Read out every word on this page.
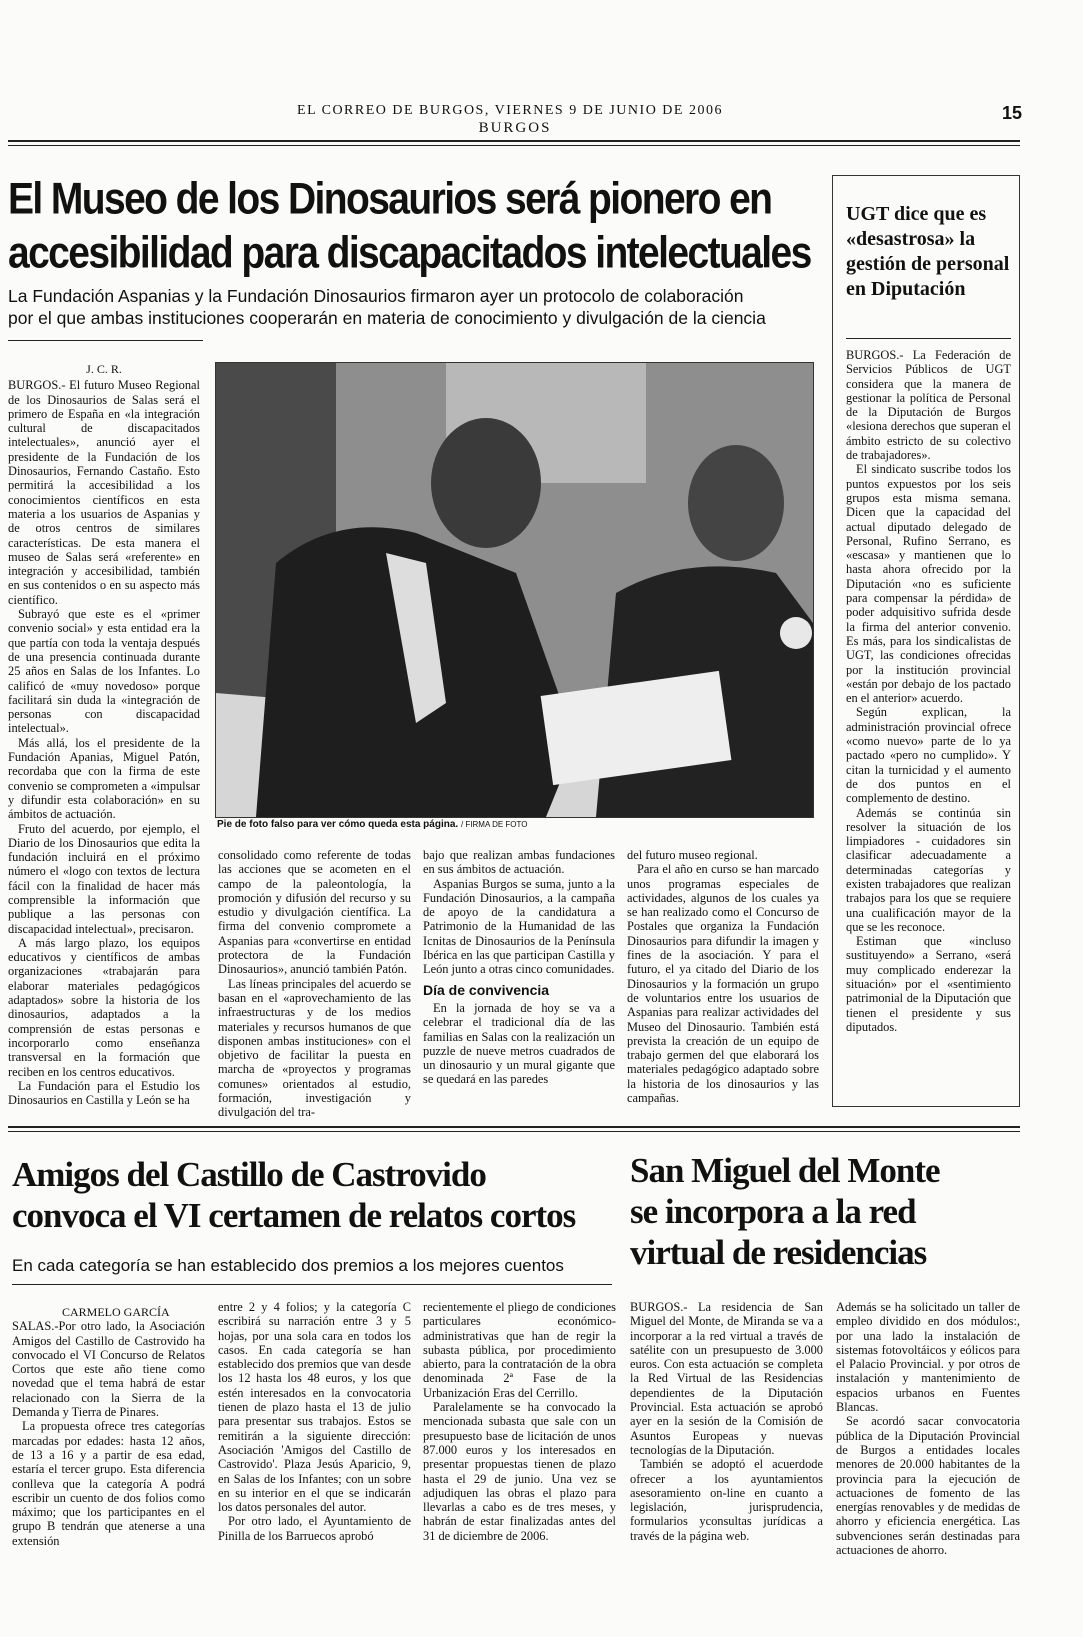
EL CORREO DE BURGOS, VIERNES 9 DE JUNIO DE 2006
BURGOS
15
El Museo de los Dinosaurios será pionero en
accesibilidad para discapacitados intelectuales
La Fundación Aspanias y la Fundación Dinosaurios firmaron ayer un protocolo de colaboración
por el que ambas instituciones cooperarán en materia de conocimiento y divulgación de la ciencia
J. C. R.

BURGOS.- El futuro Museo Regional de los Dinosaurios de Salas será el primero de España en «la integración cultural de discapacitados intelectuales», anunció ayer el presidente de la Fundación de los Dinosaurios, Fernando Castaño. Esto permitirá la accesibilidad a los conocimientos científicos en esta materia a los usuarios de Aspanias y de otros centros de similares características. De esta manera el museo de Salas será «referente» en integración y accesibilidad, también en sus contenidos o en su aspecto más científico.

Subrayó que este es el «primer convenio social» y esta entidad era la que partía con toda la ventaja después de una presencia continuada durante 25 años en Salas de los Infantes. Lo calificó de «muy novedoso» porque facilitará sin duda la «integración de personas con discapacidad intelectual».

Más allá, los el presidente de la Fundación Apanias, Miguel Patón, recordaba que con la firma de este convenio se comprometen a «impulsar y difundir esta colaboración» en su ámbitos de actuación.

Fruto del acuerdo, por ejemplo, el Diario de los Dinosaurios que edita la fundación incluirá en el próximo número el «logo con textos de lectura fácil con la finalidad de hacer más comprensible la información que publique a las personas con discapacidad intelectual», precisaron.

A más largo plazo, los equipos educativos y científicos de ambas organizaciones «trabajarán para elaborar materiales pedagógicos adaptados» sobre la historia de los dinosaurios, adaptados a la comprensión de estas personas e incorporarlo como enseñanza transversal en la formación que reciben en los centros educativos.

La Fundación para el Estudio los Dinosaurios en Castilla y León se ha

Pie de foto falso para ver cómo queda esta página. / FIRMA DE FOTO

consolidado como referente de todas las acciones que se acometen en el campo de la paleontología, la promoción y difusión del recurso y su estudio y divulgación científica. La firma del convenio compromete a Aspanias para «convertirse en entidad protectora de la Fundación Dinosaurios», anunció también Patón.

Las líneas principales del acuerdo se basan en el «aprovechamiento de las infraestructuras y de los medios materiales y recursos humanos de que disponen ambas instituciones» con el objetivo de facilitar la puesta en marcha de «proyectos y programas comunes» orientados al estudio, formación, investigación y divulgación del tra-

bajo que realizan ambas fundaciones en sus ámbitos de actuación.

Aspanias Burgos se suma, junto a la Fundación Dinosaurios, a la campaña de apoyo de la candidatura a Patrimonio de la Humanidad de las Icnitas de Dinosaurios de la Península Ibérica en las que participan Castilla y León junto a otras cinco comunidades.

Día de convivencia

En la jornada de hoy se va a celebrar el tradicional día de las familias en Salas con la realización un puzzle de nueve metros cuadrados de un dinosaurio y un mural gigante que se quedará en las paredes

del futuro museo regional.

Para el año en curso se han marcado unos programas especiales de actividades, algunos de los cuales ya se han realizado como el Concurso de Postales que organiza la Fundación Dinosaurios para difundir la imagen y fines de la asociación. Y para el futuro, el ya citado del Diario de los Dinosaurios y la formación un grupo de voluntarios entre los usuarios de Aspanias para realizar actividades del Museo del Dinosaurio. También está prevista la creación de un equipo de trabajo germen del que elaborará los materiales pedagógico adaptado sobre la historia de los dinosaurios y las campañas.

UGT dice que es «desastrosa» la gestión de personal en Diputación

BURGOS.- La Federación de Servicios Públicos de UGT considera que la manera de gestionar la política de Personal de la Diputación de Burgos «lesiona derechos que superan el ámbito estricto de su colectivo de trabajadores».

El sindicato suscribe todos los puntos expuestos por los seis grupos esta misma semana. Dicen que la capacidad del actual diputado delegado de Personal, Rufino Serrano, es «escasa» y mantienen que lo hasta ahora ofrecido por la Diputación «no es suficiente para compensar la pérdida» de poder adquisitivo sufrida desde la firma del anterior convenio. Es más, para los sindicalistas de UGT, las condiciones ofrecidas por la institución provincial «están por debajo de los pactado en el anterior» acuerdo.

Según explican, la administración provincial ofrece «como nuevo» parte de lo ya pactado «pero no cumplido». Y citan la turnicidad y el aumento de dos puntos en el complemento de destino.

Además se continúa sin resolver la situación de los limpiadores - cuidadores sin clasificar adecuadamente a determinadas categorías y existen trabajadores que realizan trabajos para los que se requiere una cualificación mayor de la que se les reconoce.

Estiman que «incluso sustituyendo» a Serrano, «será muy complicado enderezar la situación» por el «sentimiento patrimonial de la Diputación que tienen el presidente y sus diputados.

Amigos del Castillo de Castrovido
convoca el VI certamen de relatos cortos
En cada categoría se han establecido dos premios a los mejores cuentos
CARMELO GARCÍA

SALAS.-Por otro lado, la Asociación Amigos del Castillo de Castrovido ha convocado el VI Concurso de Relatos Cortos que este año tiene como novedad que el tema habrá de estar relacionado con la Sierra de la Demanda y Tierra de Pinares.

La propuesta ofrece tres categorías marcadas por edades: hasta 12 años, de 13 a 16 y a partir de esa edad, estaría el tercer grupo. Esta diferencia conlleva que la categoría A podrá escribir un cuento de dos folios como máximo; que los participantes en el grupo B tendrán que atenerse a una extensión

entre 2 y 4 folios; y la categoría C escribirá su narración entre 3 y 5 hojas, por una sola cara en todos los casos. En cada categoría se han establecido dos premios que van desde los 12 hasta los 48 euros, y los que estén interesados en la convocatoria tienen de plazo hasta el 13 de julio para presentar sus trabajos. Estos se remitirán a la siguiente dirección: Asociación 'Amigos del Castillo de Castrovido'. Plaza Jesús Aparicio, 9, en Salas de los Infantes; con un sobre en su interior en el que se indicarán los datos personales del autor.

Por otro lado, el Ayuntamiento de Pinilla de los Barruecos aprobó

recientemente el pliego de condiciones particulares económico-administrativas que han de regir la subasta pública, por procedimiento abierto, para la contratación de la obra denominada 2ª Fase de la Urbanización Eras del Cerrillo.

Paralelamente se ha convocado la mencionada subasta que sale con un presupuesto base de licitación de unos 87.000 euros y los interesados en presentar propuestas tienen de plazo hasta el 29 de junio. Una vez se adjudiquen las obras el plazo para llevarlas a cabo es de tres meses, y habrán de estar finalizadas antes del 31 de diciembre de 2006.

San Miguel del Monte
se incorpora a la red
virtual de residencias

BURGOS.- La residencia de San Miguel del Monte, de Miranda se va a incorporar a la red virtual a través de satélite con un presupuesto de 3.000 euros. Con esta actuación se completa la Red Virtual de las Residencias dependientes de la Diputación Provincial. Esta actuación se aprobó ayer en la sesión de la Comisión de Asuntos Europeas y nuevas tecnologías de la Diputación.

También se adoptó el acuerdode ofrecer a los ayuntamientos asesoramiento on-line en cuanto a legislación, jurisprudencia, formularios yconsultas jurídicas a través de la página web.

Además se ha solicitado un taller de empleo dividido en dos módulos:, por una lado la instalación de sistemas fotovoltáicos y eólicos para el Palacio Provincial. y por otros de instalación y mantenimiento de espacios urbanos en Fuentes Blancas.

Se acordó sacar convocatoria pública de la Diputación Provincial de Burgos a entidades locales menores de 20.000 habitantes de la provincia para la ejecución de actuaciones de fomento de las energías renovables y de medidas de ahorro y eficiencia energética. Las subvenciones serán destinadas para actuaciones de ahorro.
